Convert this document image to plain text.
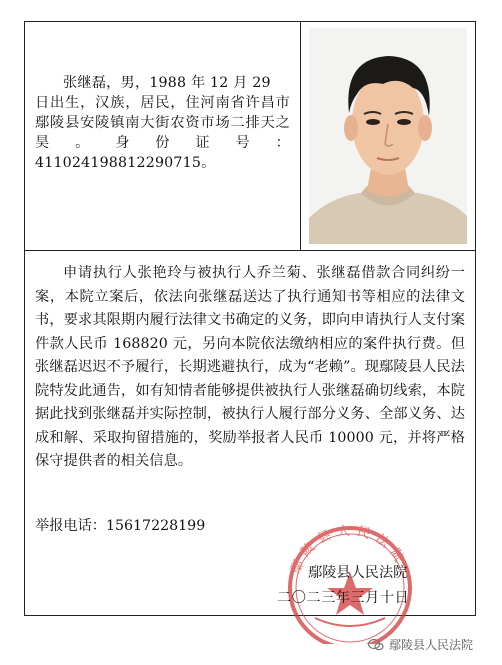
张继磊，男，1988 年 12 月 29
日出生，汉族，居民，住河南省许昌市鄢陵县安陵镇南大街农资市场二排天之昊。身份证号：411024198812290715。

申请执行人张艳玲与被执行人乔兰菊、张继磊借款合同纠纷一案，本院立案后，依法向张继磊送达了执行通知书等相应的法律文书，要求其限期内履行法律文书确定的义务，即向申请执行人支付案件款人民币 168820 元，另向本院依法缴纳相应的案件执行费。但张继磊迟迟不予履行，长期逃避执行，成为“老赖”。现鄢陵县人民法院特发此通告，如有知情者能够提供被执行人张继磊确切线索，本院据此找到张继磊并实际控制，被执行人履行部分义务、全部义务、达成和解、采取拘留措施的，奖励举报者人民币 10000 元，并将严格保守提供者的相关信息。

举报电话：15617228199
鄢陵县人民法院
鄢陵县人民法院
二〇二三年三月十日
鄢陵县人民法院
